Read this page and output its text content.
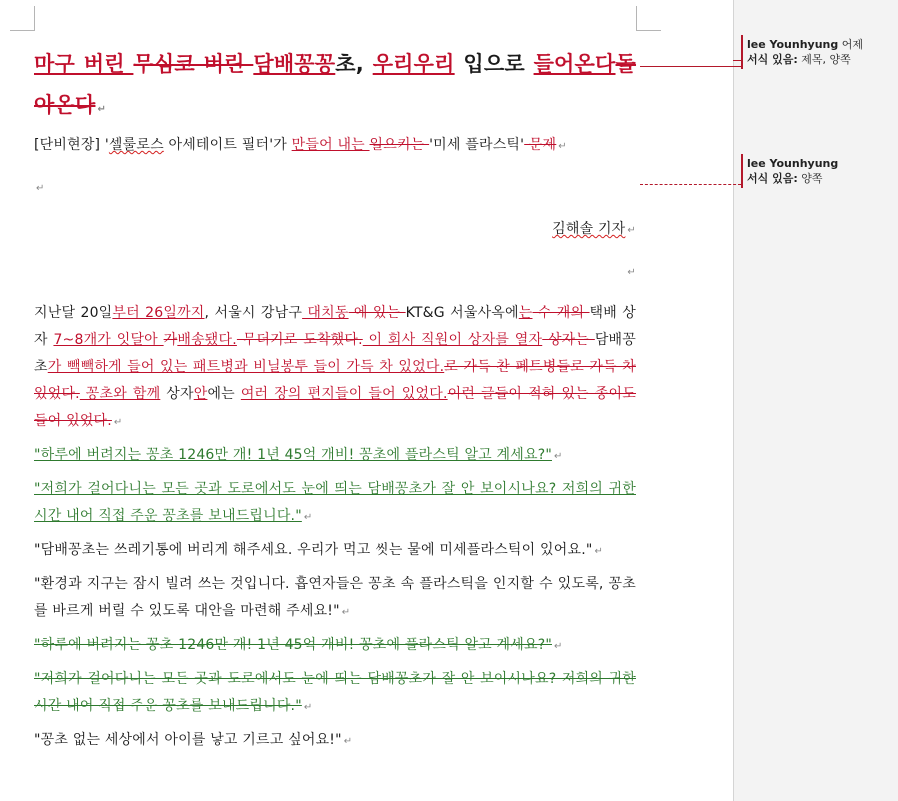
마구 버린 무심코 버린 담배꽁꽁초, 우리우리 입으로 들어온다돌아온다 ↵

[단비현장] '셀룰로스 아세테이트 필터'가 만들어 내는 일으키는 '미세 플라스틱' 문제 ↵

↵

김해솔 기자 ↵

↵

지난달 20일부터 26일까지, 서울시 강남구 대치동 에 있는 KT&G 서울사옥에는 수 개의 택배 상자 7~8개가 잇달아 가배송됐다. 무더기로 도착했다. 이 회사 직원이 상자를 열자 상자는 담배꽁초가 빽빽하게 들어 있는 패트병과 비닐봉투 들이 가득 차 있었다.로 가득 찬 페트병들로 가득 차 있었다. 꽁초와 함께 상자안에는 여러 장의 편지들이 들어 있었다.이런 글들이 적혀 있는 종이도 들어 있었다. ↵

"하루에 버려지는 꽁초 1246만 개! 1년 45억 개비! 꽁초에 플라스틱 알고 계세요?" ↵

"저희가 걸어다니는 모든 곳과 도로에서도 눈에 띄는 담배꽁초가 잘 안 보이시나요? 저희의 귀한 시간 내어 직접 주운 꽁초를 보내드립니다." ↵

"담배꽁초는 쓰레기통에 버리게 해주세요. 우리가 먹고 씻는 물에 미세플라스틱이 있어요." ↵

"환경과 지구는 잠시 빌려 쓰는 것입니다. 흡연자들은 꽁초 속 플라스틱을 인지할 수 있도록, 꽁초를 바르게 버릴 수 있도록 대안을 마련해 주세요!" ↵

"하루에 버려지는 꽁초 1246만 개! 1년 45억 개비! 꽁초에 플라스틱 알고 계세요?" ↵

"저희가 걸어다니는 모든 곳과 도로에서도 눈에 띄는 담배꽁초가 잘 안 보이시나요? 저희의 귀한 시간 내어 직접 주운 꽁초를 보내드립니다." ↵

"꽁초 없는 세상에서 아이를 낳고 기르고 싶어요!" ↵

lee Younhyung 어제
서식 있음: 제목, 양쪽
lee Younhyung
서식 있음: 양쪽
